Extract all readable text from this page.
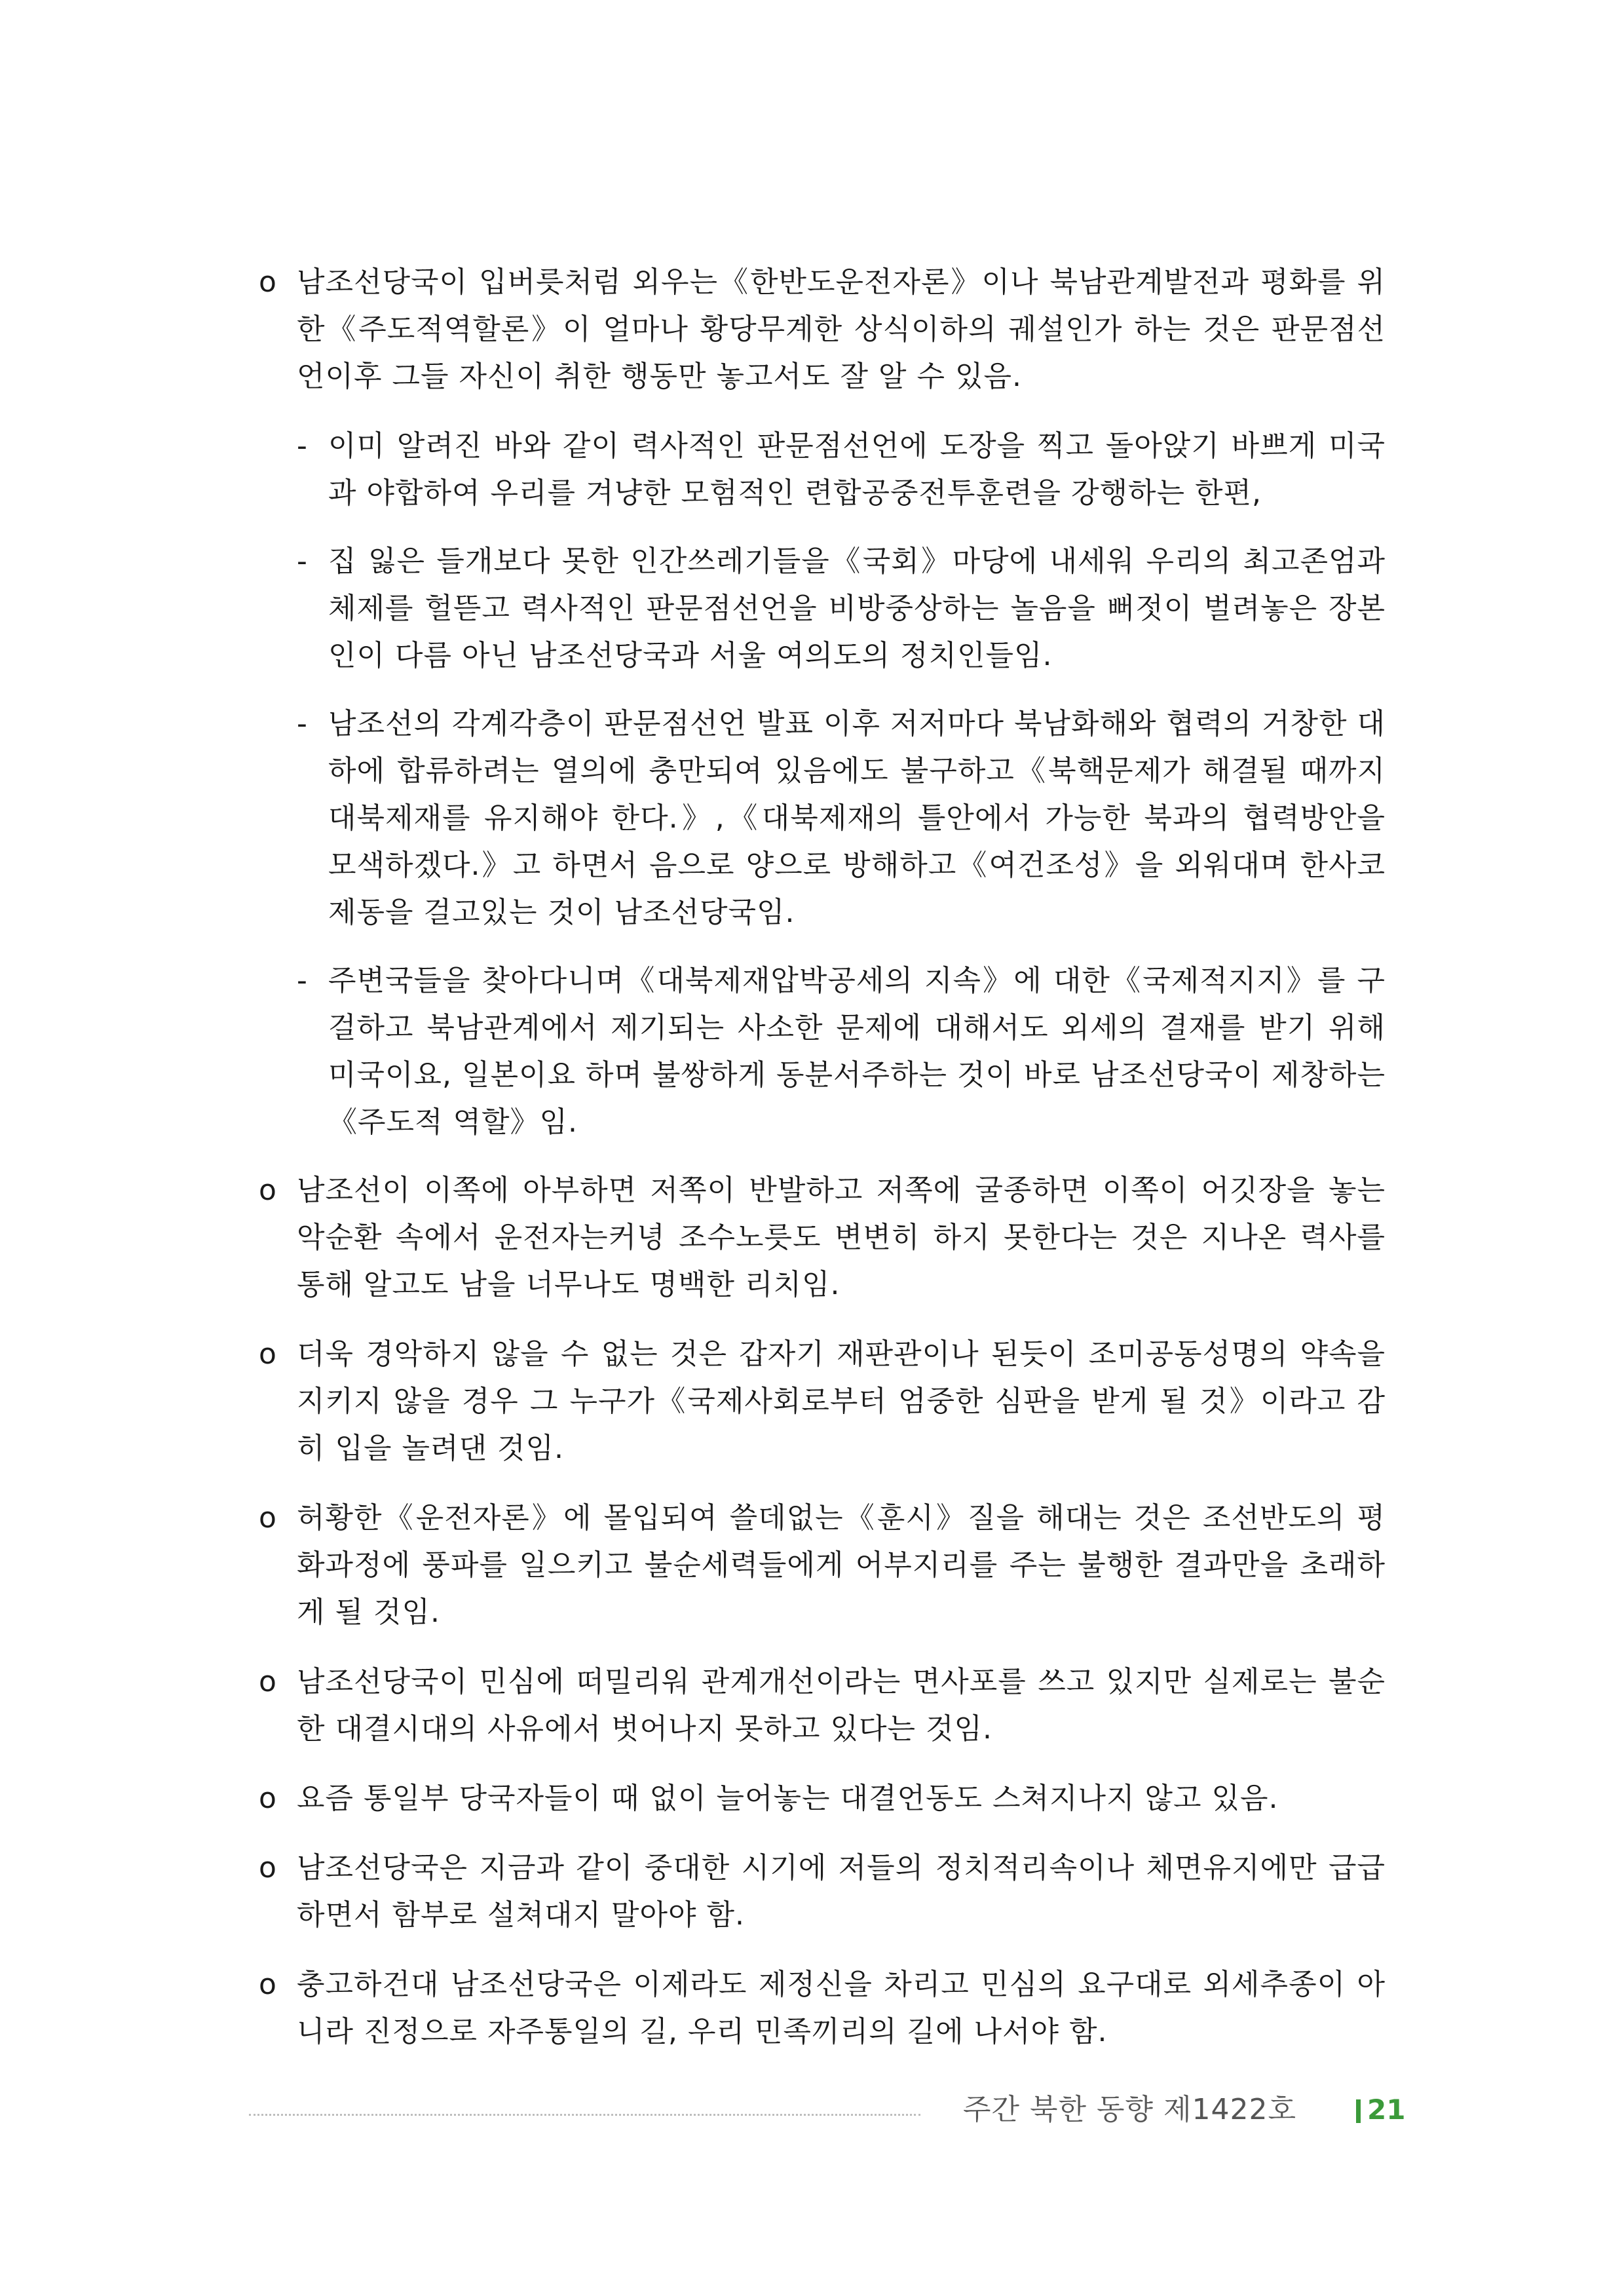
o 남조선당국이 입버릇처럼 외우는《한반도운전자론》이나 북남관계발전과 평화를 위한《주도적역할론》이 얼마나 황당무계한 상식이하의 궤설인가 하는 것은 판문점선언이후 그들 자신이 취한 행동만 놓고서도 잘 알 수 있음.
- 이미 알려진 바와 같이 력사적인 판문점선언에 도장을 찍고 돌아앉기 바쁘게 미국과 야합하여 우리를 겨냥한 모험적인 련합공중전투훈련을 강행하는 한편,
- 집 잃은 들개보다 못한 인간쓰레기들을《국회》마당에 내세워 우리의 최고존엄과 체제를 헐뜯고 력사적인 판문점선언을 비방중상하는 놀음을 뻐젓이 벌려놓은 장본인이 다름 아닌 남조선당국과 서울 여의도의 정치인들임.
- 남조선의 각계각층이 판문점선언 발표 이후 저저마다 북남화해와 협력의 거창한 대하에 합류하려는 열의에 충만되여 있음에도 불구하고《북핵문제가 해결될 때까지 대북제재를 유지해야 한다.》,《대북제재의 틀안에서 가능한 북과의 협력방안을 모색하겠다.》고 하면서 음으로 양으로 방해하고《여건조성》을 외워대며 한사코 제동을 걸고있는 것이 남조선당국임.
- 주변국들을 찾아다니며《대북제재압박공세의 지속》에 대한《국제적지지》를 구걸하고 북남관계에서 제기되는 사소한 문제에 대해서도 외세의 결재를 받기 위해 미국이요, 일본이요 하며 불쌍하게 동분서주하는 것이 바로 남조선당국이 제창하는《주도적 역할》임.
o 남조선이 이쪽에 아부하면 저쪽이 반발하고 저쪽에 굴종하면 이쪽이 어깃장을 놓는 악순환 속에서 운전자는커녕 조수노릇도 변변히 하지 못한다는 것은 지나온 력사를 통해 알고도 남을 너무나도 명백한 리치임.
o 더욱 경악하지 않을 수 없는 것은 갑자기 재판관이나 된듯이 조미공동성명의 약속을 지키지 않을 경우 그 누구가《국제사회로부터 엄중한 심판을 받게 될 것》이라고 감히 입을 놀려댄 것임.
o 허황한《운전자론》에 몰입되여 쓸데없는《훈시》질을 해대는 것은 조선반도의 평화과정에 풍파를 일으키고 불순세력들에게 어부지리를 주는 불행한 결과만을 초래하게 될 것임.
o 남조선당국이 민심에 떠밀리워 관계개선이라는 면사포를 쓰고 있지만 실제로는 불순한 대결시대의 사유에서 벗어나지 못하고 있다는 것임.
o 요즘 통일부 당국자들이 때 없이 늘어놓는 대결언동도 스쳐지나지 않고 있음.
o 남조선당국은 지금과 같이 중대한 시기에 저들의 정치적리속이나 체면유지에만 급급하면서 함부로 설쳐대지 말아야 함.
o 충고하건대 남조선당국은 이제라도 제정신을 차리고 민심의 요구대로 외세추종이 아니라 진정으로 자주통일의 길, 우리 민족끼리의 길에 나서야 함.
주간 북한 동향 제1422호	21
